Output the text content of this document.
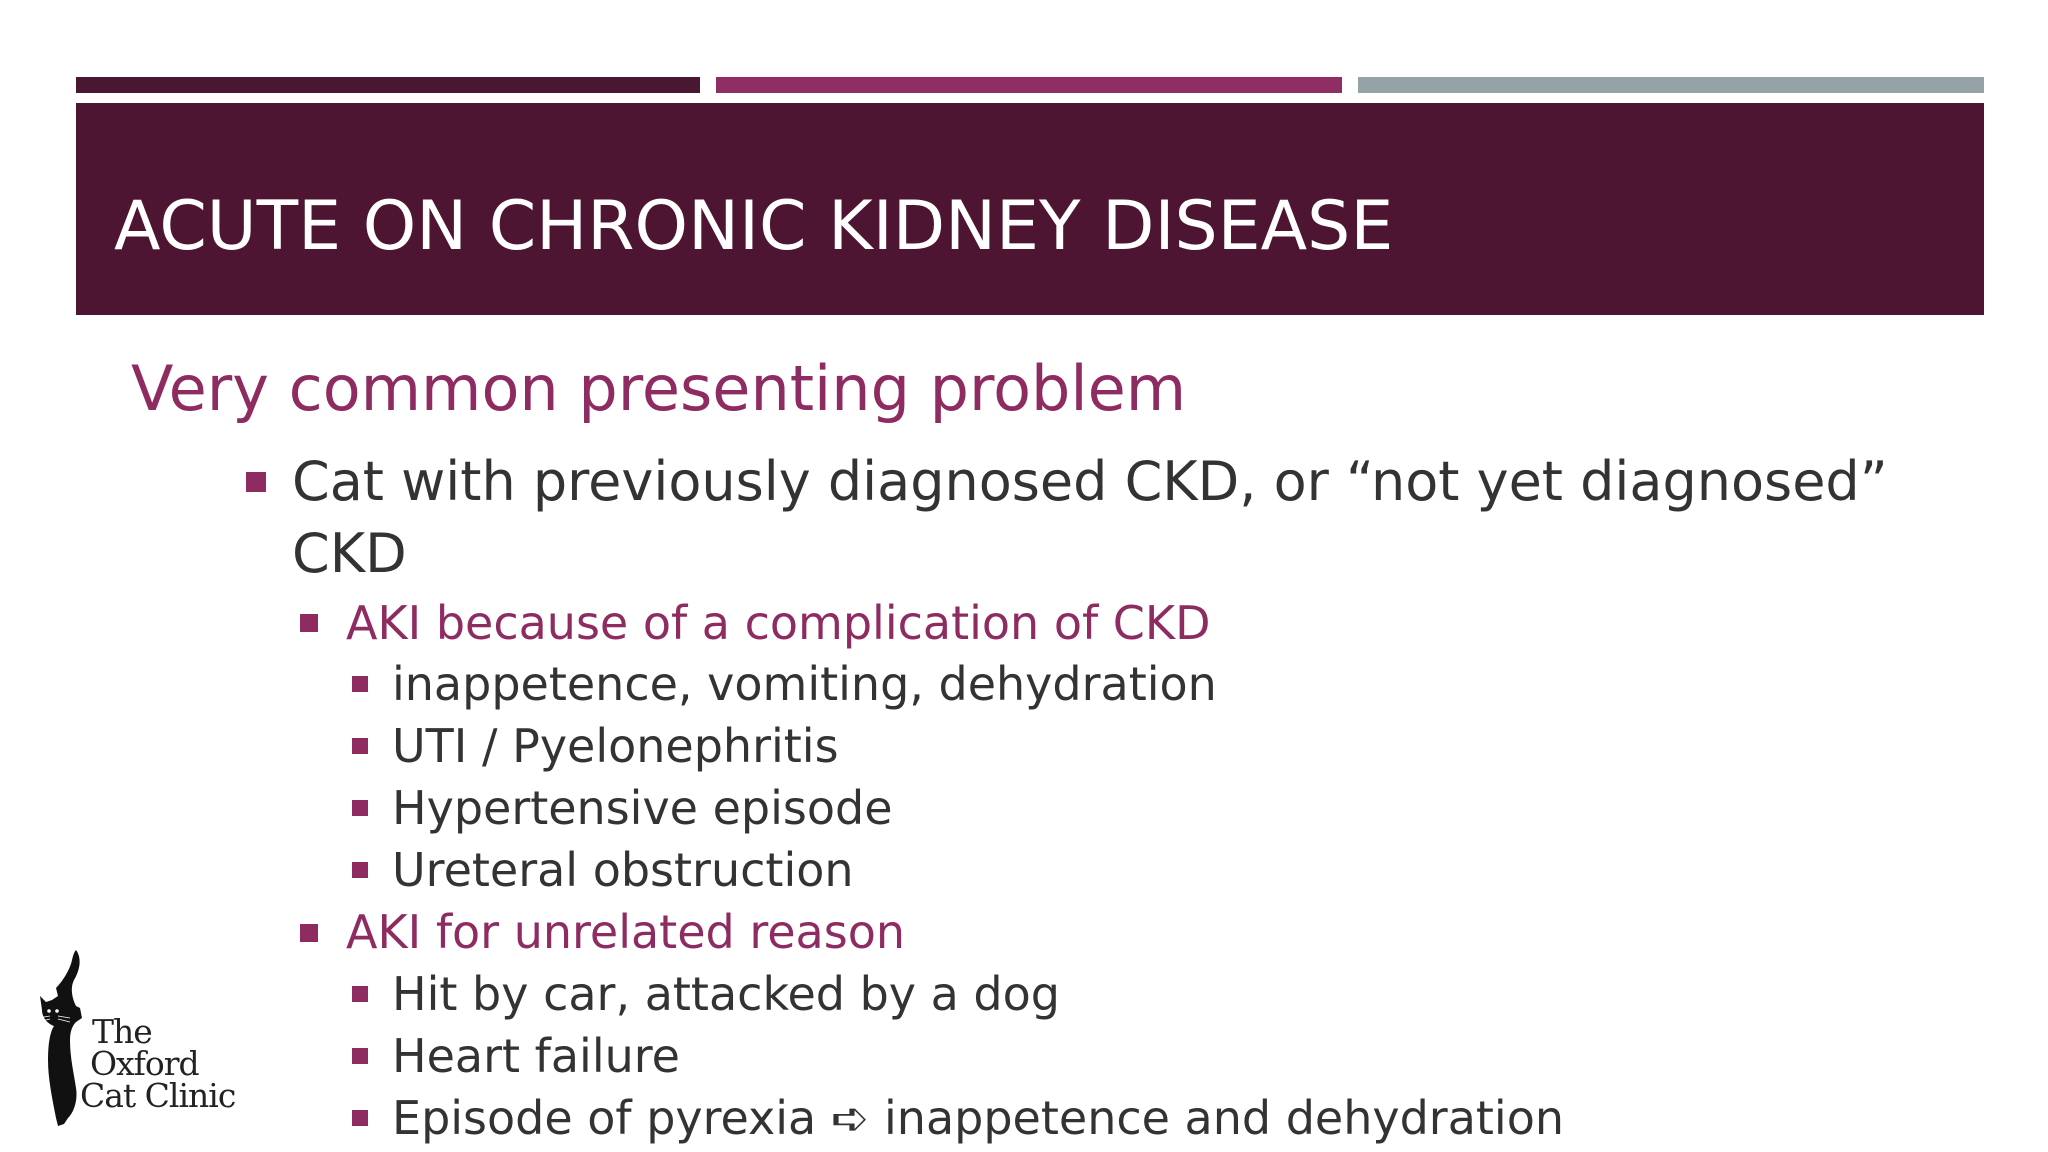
ACUTE ON CHRONIC KIDNEY DISEASE
Very common presenting problem
Cat with previously diagnosed CKD, or “not yet diagnosed”
CKD
AKI because of a complication of CKD
inappetence, vomiting, dehydration
UTI / Pyelonephritis
Hypertensive episode
Ureteral obstruction
AKI for unrelated reason
Hit by car, attacked by a dog
Heart failure
Episode of pyrexia ➪ inappetence and dehydration
The
Oxford
Cat Clinic
